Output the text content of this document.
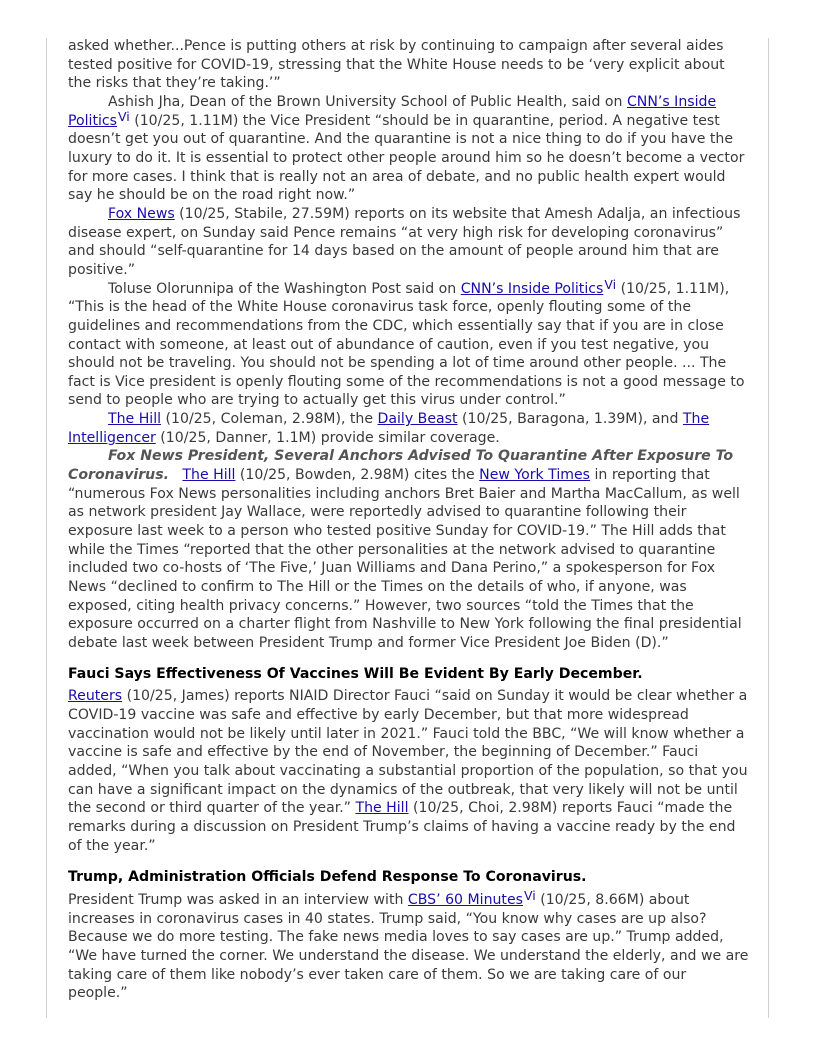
asked whether...Pence is putting others at risk by continuing to campaign after several aides tested positive for COVID-19, stressing that the White House needs to be ‘very explicit about the risks that they’re taking.’”

Ashish Jha, Dean of the Brown University School of Public Health, said on CNN’s Inside PoliticsVi (10/25, 1.11M) the Vice President “should be in quarantine, period. A negative test doesn’t get you out of quarantine. And the quarantine is not a nice thing to do if you have the luxury to do it. It is essential to protect other people around him so he doesn’t become a vector for more cases. I think that is really not an area of debate, and no public health expert would say he should be on the road right now.”

Fox News (10/25, Stabile, 27.59M) reports on its website that Amesh Adalja, an infectious disease expert, on Sunday said Pence remains “at very high risk for developing coronavirus” and should “self-quarantine for 14 days based on the amount of people around him that are positive.”

Toluse Olorunnipa of the Washington Post said on CNN’s Inside PoliticsVi (10/25, 1.11M), “This is the head of the White House coronavirus task force, openly flouting some of the guidelines and recommendations from the CDC, which essentially say that if you are in close contact with someone, at least out of abundance of caution, even if you test negative, you should not be traveling. You should not be spending a lot of time around other people. ... The fact is Vice president is openly flouting some of the recommendations is not a good message to send to people who are trying to actually get this virus under control.”

The Hill (10/25, Coleman, 2.98M), the Daily Beast (10/25, Baragona, 1.39M), and The Intelligencer (10/25, Danner, 1.1M) provide similar coverage.

Fox News President, Several Anchors Advised To Quarantine After Exposure To Coronavirus. The Hill (10/25, Bowden, 2.98M) cites the New York Times in reporting that “numerous Fox News personalities including anchors Bret Baier and Martha MacCallum, as well as network president Jay Wallace, were reportedly advised to quarantine following their exposure last week to a person who tested positive Sunday for COVID-19.” The Hill adds that while the Times “reported that the other personalities at the network advised to quarantine included two co-hosts of ‘The Five,’ Juan Williams and Dana Perino,” a spokesperson for Fox News “declined to confirm to The Hill or the Times on the details of who, if anyone, was exposed, citing health privacy concerns.” However, two sources “told the Times that the exposure occurred on a charter flight from Nashville to New York following the final presidential debate last week between President Trump and former Vice President Joe Biden (D).”

Fauci Says Effectiveness Of Vaccines Will Be Evident By Early December.

Reuters (10/25, James) reports NIAID Director Fauci “said on Sunday it would be clear whether a COVID-19 vaccine was safe and effective by early December, but that more widespread vaccination would not be likely until later in 2021.” Fauci told the BBC, “We will know whether a vaccine is safe and effective by the end of November, the beginning of December.” Fauci added, “When you talk about vaccinating a substantial proportion of the population, so that you can have a significant impact on the dynamics of the outbreak, that very likely will not be until the second or third quarter of the year.” The Hill (10/25, Choi, 2.98M) reports Fauci “made the remarks during a discussion on President Trump’s claims of having a vaccine ready by the end of the year.”

Trump, Administration Officials Defend Response To Coronavirus.

President Trump was asked in an interview with CBS’ 60 MinutesVi (10/25, 8.66M) about increases in coronavirus cases in 40 states. Trump said, “You know why cases are up also? Because we do more testing. The fake news media loves to say cases are up.” Trump added, “We have turned the corner. We understand the disease. We understand the elderly, and we are taking care of them like nobody’s ever taken care of them. So we are taking care of our people.”
